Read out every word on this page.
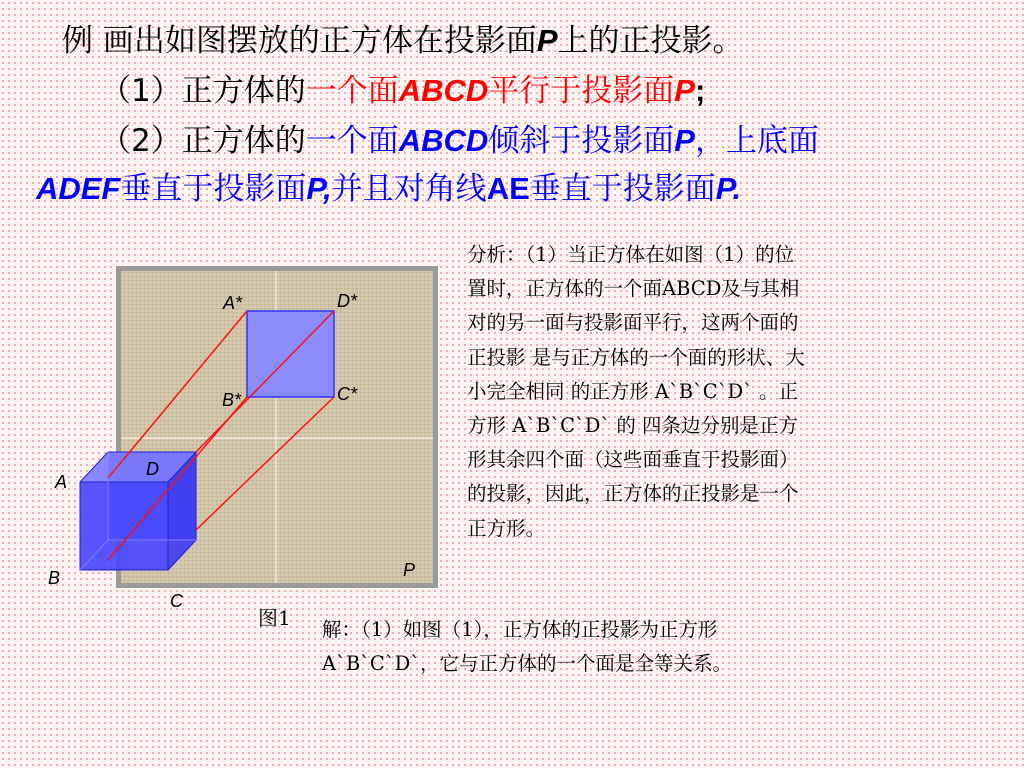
例 画出如图摆放的正方体在投影面P上的正投影。
（1）正方体的一个面ABCD平行于投影面P;
（2）正方体的一个面ABCD倾斜于投影面P，上底面
ADEF垂直于投影面P,并且对角线AE垂直于投影面P.
A*	D*
B*	C*
A
D
B
C
P
图1
分析：（1）当正方体在如图（1）的位
置时，正方体的一个面ABCD及与其相
对的另一面与投影面平行，这两个面的
正投影 是与正方体的一个面的形状、大
小完全相同 的正方形 A`B`C`D` 。正
方形 A`B`C`D` 的 四条边分别是正方
形其余四个面（这些面垂直于投影面）
的投影，因此，正方体的正投影是一个
正方形。
解：（1）如图（1），正方体的正投影为正方形
A`B`C`D`，它与正方体的一个面是全等关系。
